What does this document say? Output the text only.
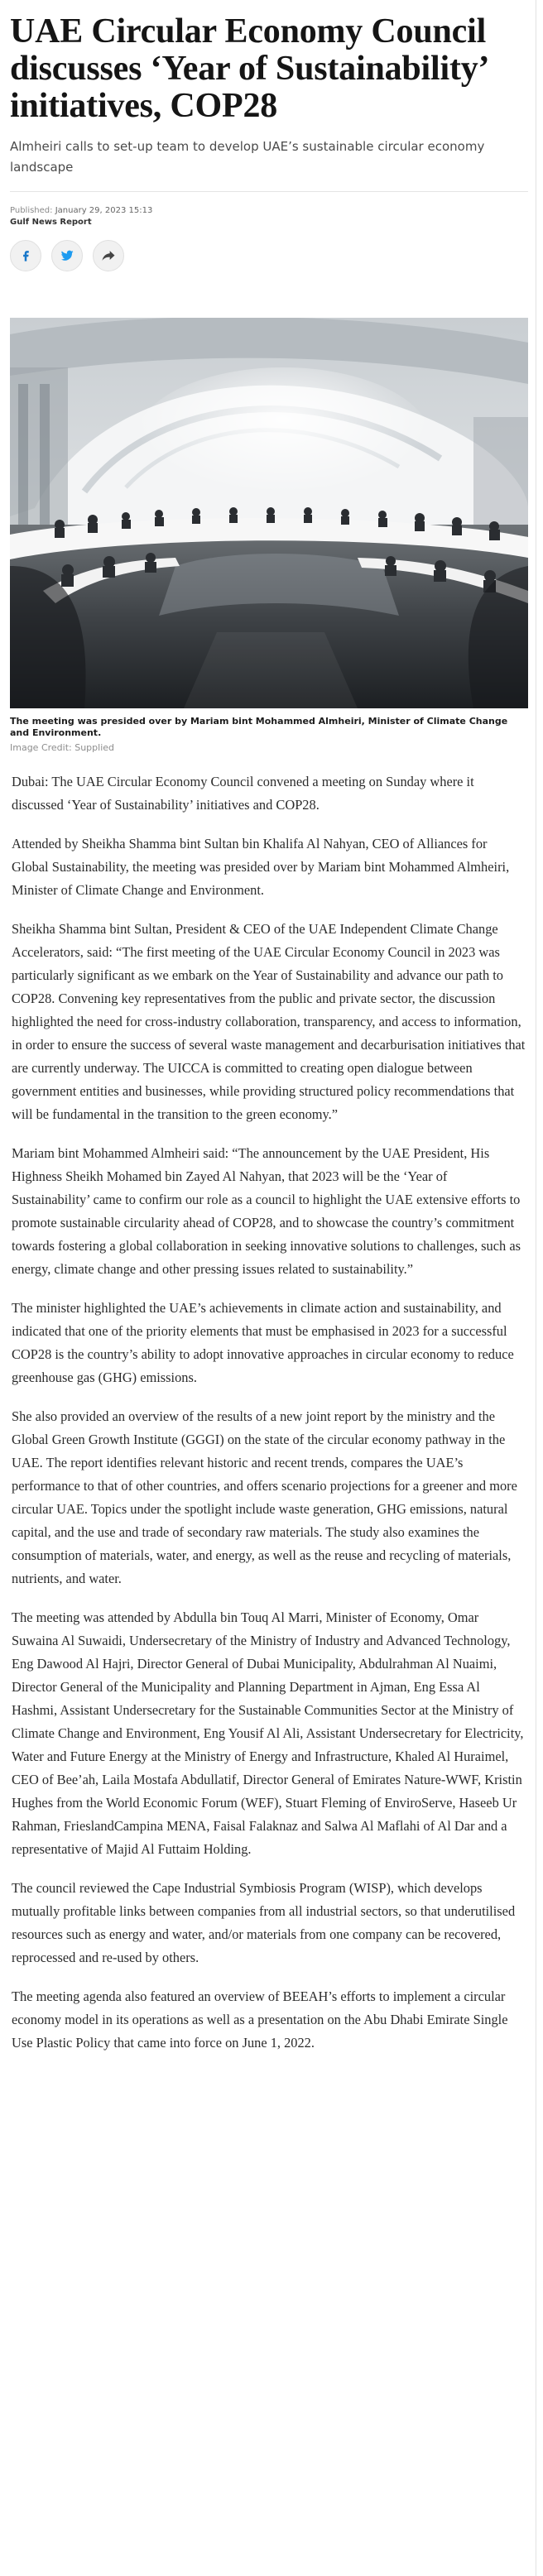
UAE Circular Economy Council discusses ‘Year of Sustainability’ initiatives, COP28

Almheiri calls to set-up team to develop UAE’s sustainable circular economy landscape

Published: January 29, 2023 15:13
Gulf News Report
The meeting was presided over by Mariam bint Mohammed Almheiri, Minister of Climate Change and Environment.
Image Credit: Supplied

Dubai: The UAE Circular Economy Council convened a meeting on Sunday where it discussed ‘Year of Sustainability’ initiatives and COP28.

Attended by Sheikha Shamma bint Sultan bin Khalifa Al Nahyan, CEO of Alliances for Global Sustainability, the meeting was presided over by Mariam bint Mohammed Almheiri, Minister of Climate Change and Environment.

Sheikha Shamma bint Sultan, President & CEO of the UAE Independent Climate Change Accelerators, said: “The first meeting of the UAE Circular Economy Council in 2023 was particularly significant as we embark on the Year of Sustainability and advance our path to COP28. Convening key representatives from the public and private sector, the discussion highlighted the need for cross-industry collaboration, transparency, and access to information, in order to ensure the success of several waste management and decarburisation initiatives that are currently underway. The UICCA is committed to creating open dialogue between government entities and businesses, while providing structured policy recommendations that will be fundamental in the transition to the green economy.”

Mariam bint Mohammed Almheiri said: “The announcement by the UAE President, His Highness Sheikh Mohamed bin Zayed Al Nahyan, that 2023 will be the ‘Year of Sustainability’ came to confirm our role as a council to highlight the UAE extensive efforts to promote sustainable circularity ahead of COP28, and to showcase the country’s commitment towards fostering a global collaboration in seeking innovative solutions to challenges, such as energy, climate change and other pressing issues related to sustainability.”

The minister highlighted the UAE’s achievements in climate action and sustainability, and indicated that one of the priority elements that must be emphasised in 2023 for a successful COP28 is the country’s ability to adopt innovative approaches in circular economy to reduce greenhouse gas (GHG) emissions.

She also provided an overview of the results of a new joint report by the ministry and the Global Green Growth Institute (GGGI) on the state of the circular economy pathway in the UAE. The report identifies relevant historic and recent trends, compares the UAE’s performance to that of other countries, and offers scenario projections for a greener and more circular UAE. Topics under the spotlight include waste generation, GHG emissions, natural capital, and the use and trade of secondary raw materials. The study also examines the consumption of materials, water, and energy, as well as the reuse and recycling of materials, nutrients, and water.

The meeting was attended by Abdulla bin Touq Al Marri, Minister of Economy, Omar Suwaina Al Suwaidi, Undersecretary of the Ministry of Industry and Advanced Technology, Eng Dawood Al Hajri, Director General of Dubai Municipality, Abdulrahman Al Nuaimi, Director General of the Municipality and Planning Department in Ajman, Eng Essa Al Hashmi, Assistant Undersecretary for the Sustainable Communities Sector at the Ministry of Climate Change and Environment, Eng Yousif Al Ali, Assistant Undersecretary for Electricity, Water and Future Energy at the Ministry of Energy and Infrastructure, Khaled Al Huraimel, CEO of Bee’ah, Laila Mostafa Abdullatif, Director General of Emirates Nature-WWF, Kristin Hughes from the World Economic Forum (WEF), Stuart Fleming of EnviroServe, Haseeb Ur Rahman, FrieslandCampina MENA, Faisal Falaknaz and Salwa Al Maflahi of Al Dar and a representative of Majid Al Futtaim Holding.

The council reviewed the Cape Industrial Symbiosis Program (WISP), which develops mutually profitable links between companies from all industrial sectors, so that underutilised resources such as energy and water, and/or materials from one company can be recovered, reprocessed and re-used by others.

The meeting agenda also featured an overview of BEEAH’s efforts to implement a circular economy model in its operations as well as a presentation on the Abu Dhabi Emirate Single Use Plastic Policy that came into force on June 1, 2022.
